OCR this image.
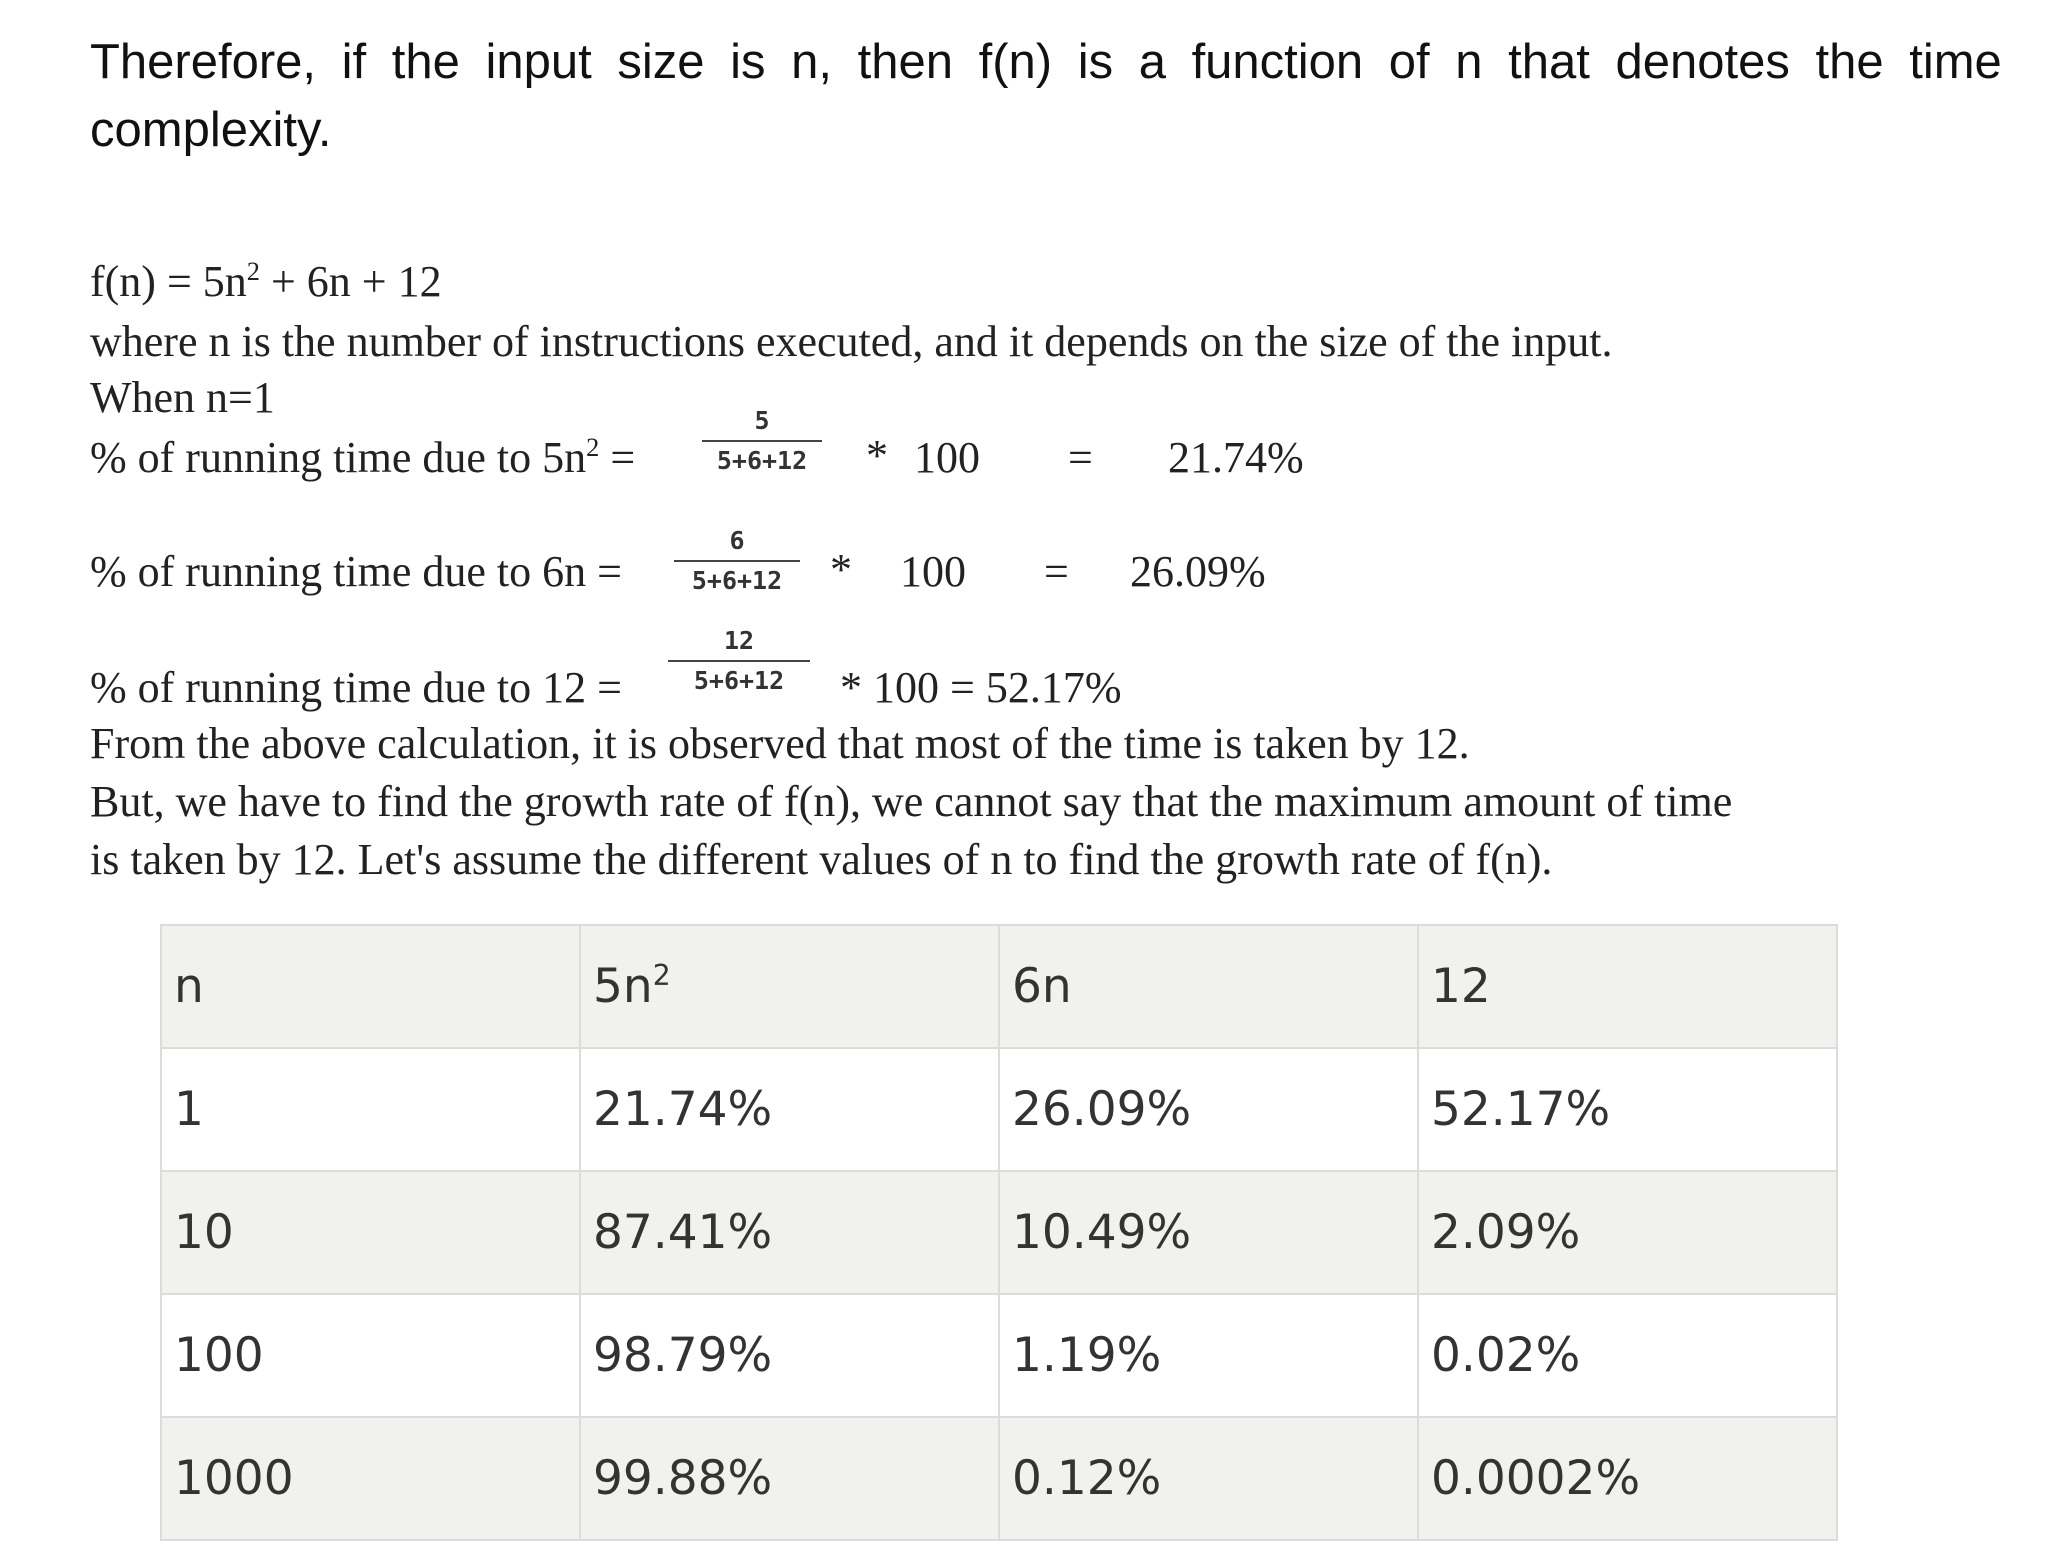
Therefore, if the input size is n, then f(n) is a function of n that denotes the time
complexity.

$f(n) = 5n^2 + 6n + 12$

where n is the number of instructions executed, and it depends on the size of the input.

When n=1

% of running time due to $5n^2$ =

5
5+6+12	* 100 = 21.74%

% of running time due to 6n =

6
5+6+12	* 100 = 26.09%

% of running time due to 12 =

12
5+6+12	* 100 = 52.17%

From the above calculation, it is observed that most of the time is taken by 12.

But, we have to find the growth rate of f(n), we cannot say that the maximum amount of time

is taken by 12. Let's assume the different values of n to find the growth rate of f(n).

n	$5n^2$	6n	12
1	21.74%	26.09%	52.17%
10	87.41%	10.49%	2.09%
100	98.79%	1.19%	0.02%
1000	99.88%	0.12%	0.0002%
